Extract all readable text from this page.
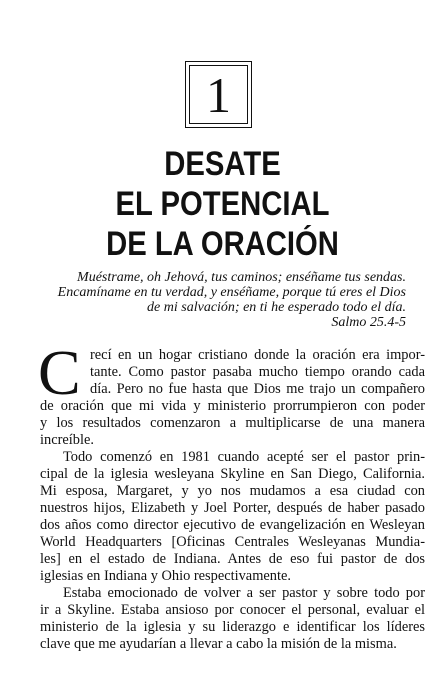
1
DESATE
EL POTENCIAL
DE LA ORACIÓN
Muéstrame, oh Jehová, tus caminos; enséñame tus sendas.
Encamíname en tu verdad, y enséñame, porque tú eres el Dios
de mi salvación; en ti he esperado todo el día.
Salmo 25.4-5
C recí en un hogar cristiano donde la oración era impor-
tante. Como pastor pasaba mucho tiempo orando cada
día. Pero no fue hasta que Dios me trajo un compañero
de oración que mi vida y ministerio prorrumpieron con poder
y los resultados comenzaron a multiplicarse de una manera
increíble.
Todo comenzó en 1981 cuando acepté ser el pastor prin-
cipal de la iglesia wesleyana Skyline en San Diego, California.
Mi esposa, Margaret, y yo nos mudamos a esa ciudad con
nuestros hijos, Elizabeth y Joel Porter, después de haber pasado
dos años como director ejecutivo de evangelización en Wesleyan
World Headquarters [Oficinas Centrales Wesleyanas Mundia-
les] en el estado de Indiana. Antes de eso fui pastor de dos
iglesias en Indiana y Ohio respectivamente.
Estaba emocionado de volver a ser pastor y sobre todo por
ir a Skyline. Estaba ansioso por conocer el personal, evaluar el
ministerio de la iglesia y su liderazgo e identificar los líderes
clave que me ayudarían a llevar a cabo la misión de la misma.
